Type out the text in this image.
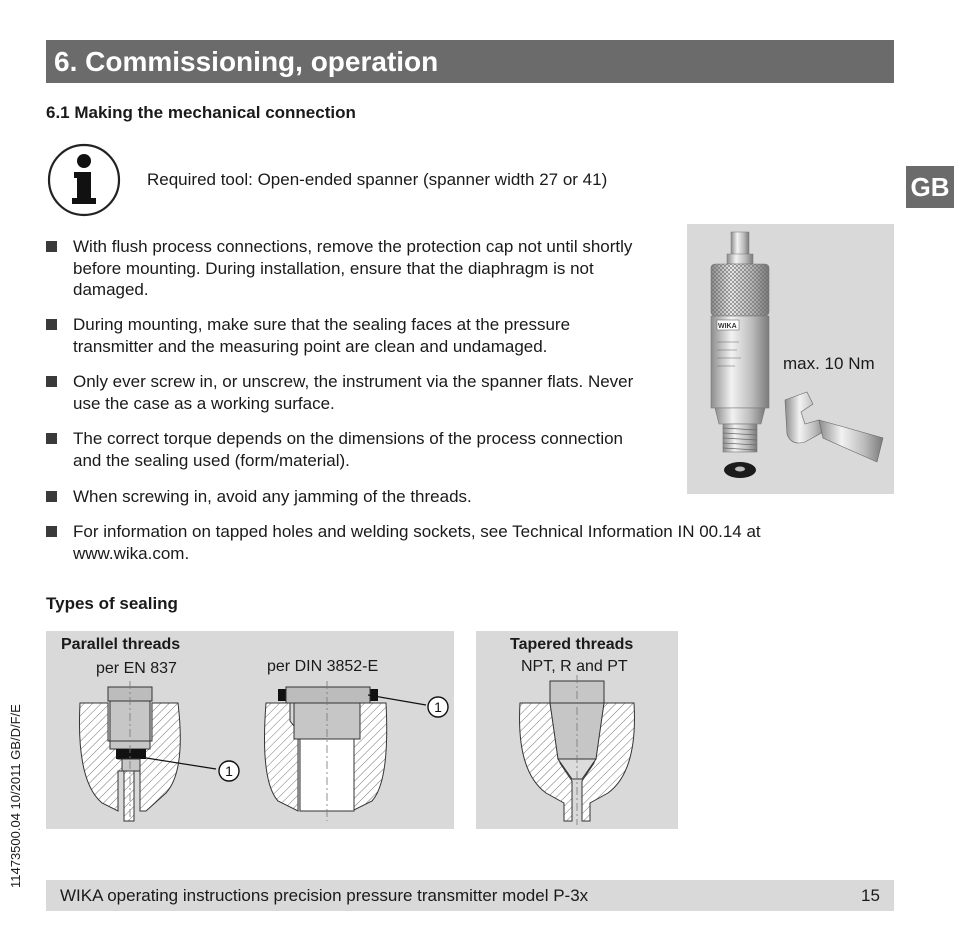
6. Commissioning, operation
GB
6.1 Making the mechanical connection
Required tool: Open-ended spanner (spanner width 27 or 41)
With flush process connections, remove the protection cap not until shortly
before mounting. During installation, ensure that the diaphragm is not
damaged.
During mounting, make sure that the sealing faces at the pressure
transmitter and the measuring point are clean and undamaged.
Only ever screw in, or unscrew, the instrument via the spanner flats. Never
use the case as a working surface.
The correct torque depends on the dimensions of the process connection
and the sealing used (form/material).
When screwing in, avoid any jamming of the threads.
For information on tapped holes and welding sockets, see Technical Information IN 00.14 at
www.wika.com.
WIKA
max. 10 Nm
Types of sealing
Parallel threads
per EN 837	per DIN 3852-E
Tapered threads
NPT, R and PT
1
1
11473500.04 10/2011 GB/D/F/E
WIKA operating instructions precision pressure transmitter model P-3x	15
